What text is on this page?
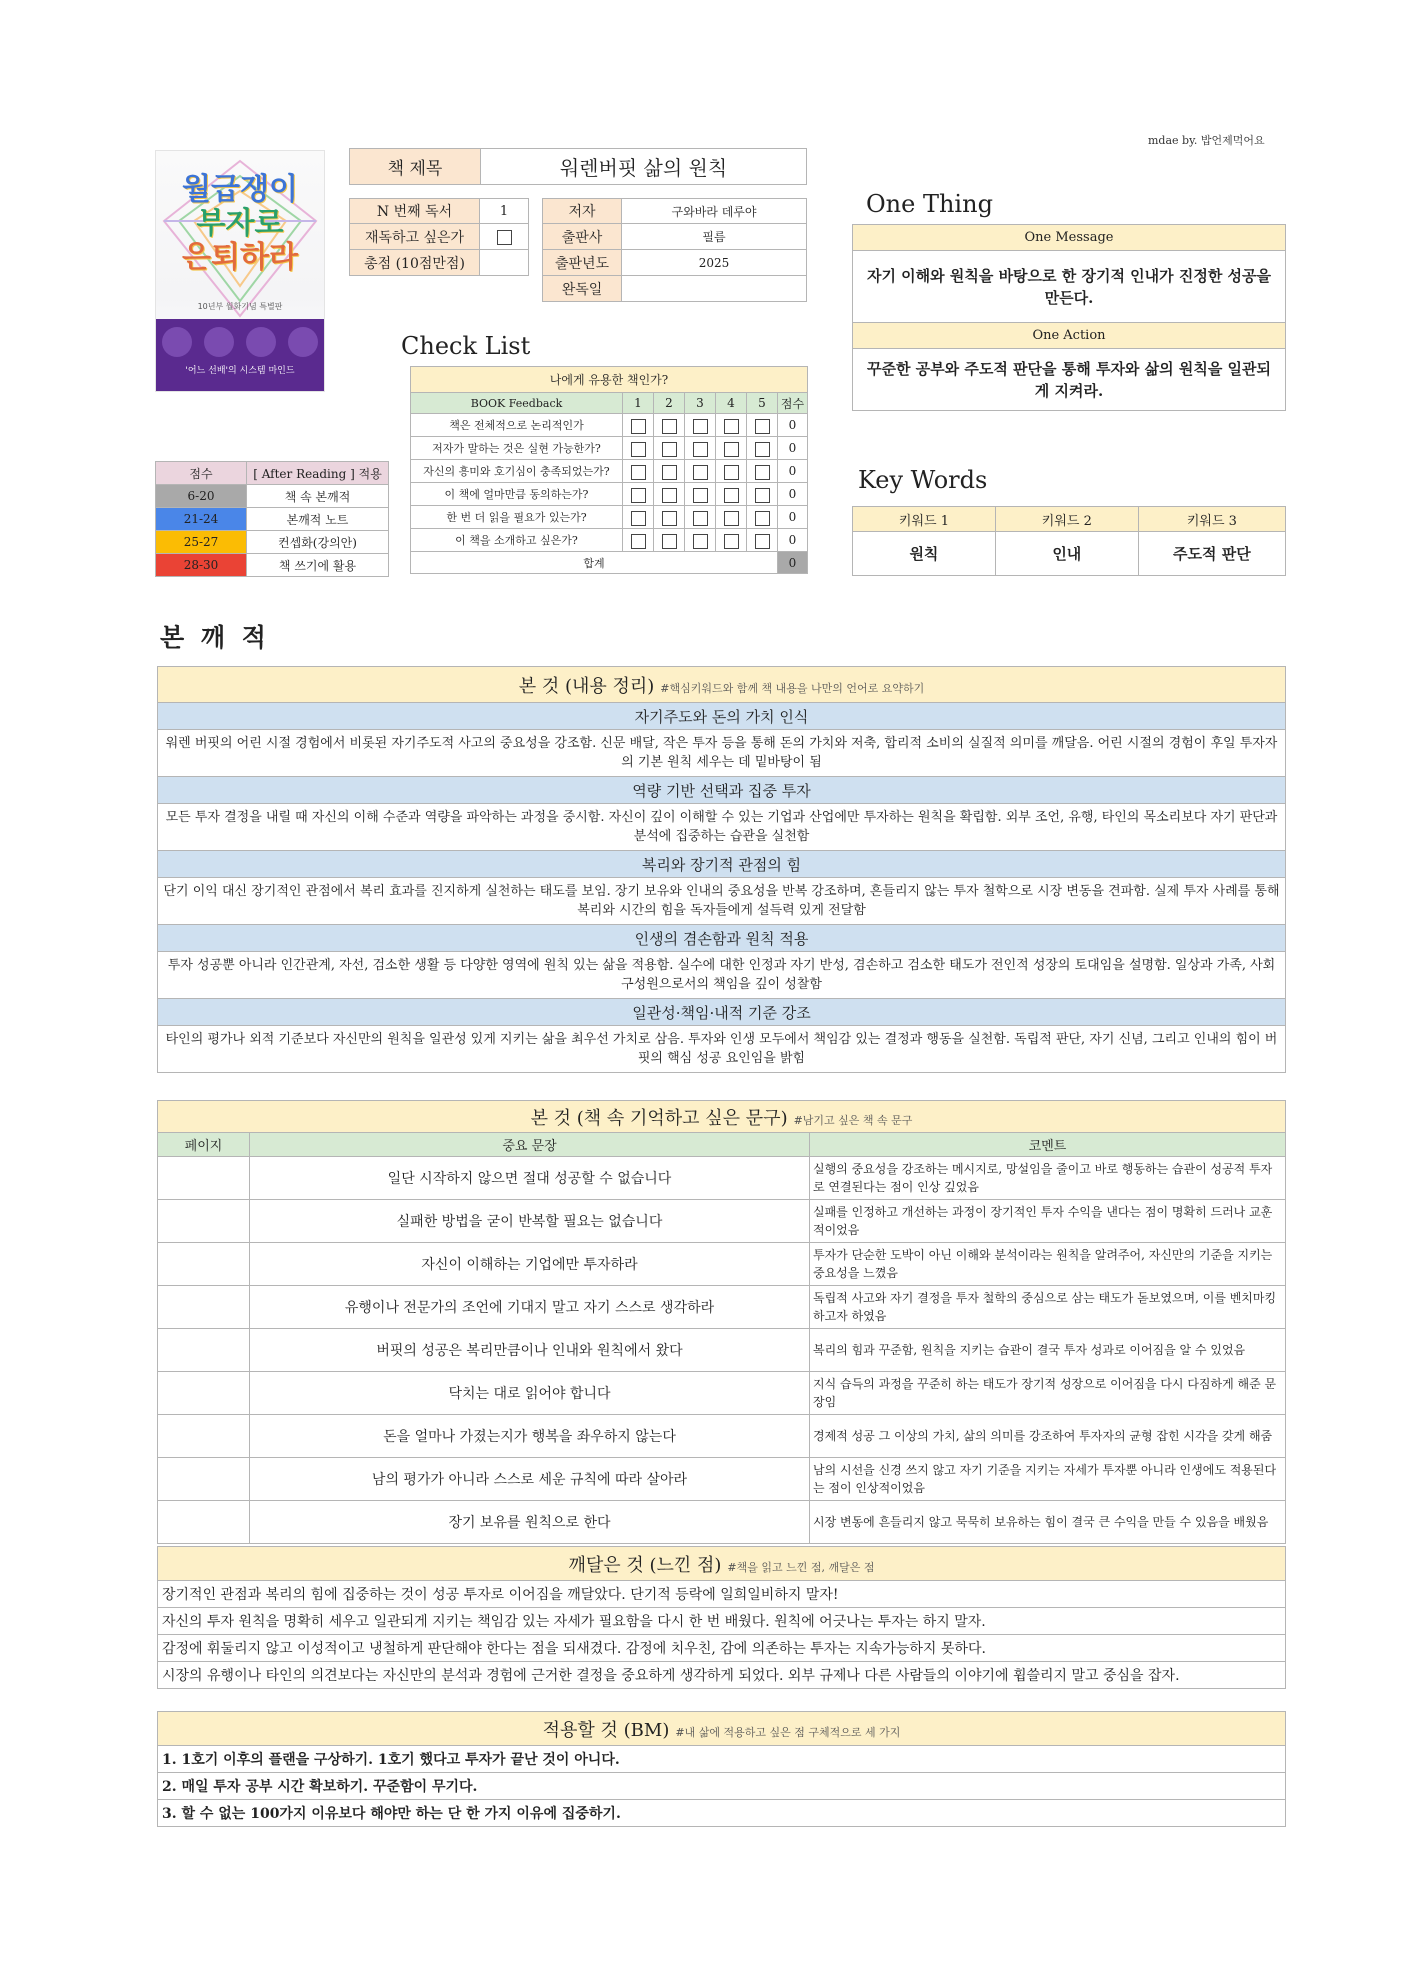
mdae by. 밥언제먹어요
월급쟁이
부자로
은퇴하라
10년부 월화기념 특별판
'어느 선배'의 시스템 마인드
책 제목	워렌버핏 삶의 원칙
N 번째 독서	1
재독하고 싶은가	
총점 (10점만점)	
저자	구와바라 데루야
출판사	필름
출판년도	2025
완독일	
One Thing
One Message
자기 이해와 원칙을 바탕으로 한 장기적 인내가 진정한 성공을 만든다.
One Action
꾸준한 공부와 주도적 판단을 통해 투자와 삶의 원칙을 일관되게 지켜라.
Check List
나에게 유용한 책인가?						
BOOK Feedback	1	2	3	4	5	점수
책은 전체적으로 논리적인가						0
저자가 말하는 것은 실현 가능한가?						0
자신의 흥미와 호기심이 충족되었는가?						0
이 책에 얼마만큼 동의하는가?						0
한 번 더 읽을 필요가 있는가?						0
이 책을 소개하고 싶은가?						0
합계						0
점수	[ After Reading ] 적용
6-20	책 속 본깨적
21-24	본깨적 노트
25-27	컨셉화(강의안)
28-30	책 쓰기에 활용
Key Words
키워드 1	키워드 2	키워드 3
원칙	인내	주도적 판단
본 깨 적
본 것 (내용 정리) #핵심키워드와 함께 책 내용을 나만의 언어로 요약하기
자기주도와 돈의 가치 인식
워렌 버핏의 어린 시절 경험에서 비롯된 자기주도적 사고의 중요성을 강조함. 신문 배달, 작은 투자 등을 통해 돈의 가치와 저축, 합리적 소비의 실질적 의미를 깨달음. 어린 시절의 경험이 후일 투자자의 기본 원칙 세우는 데 밑바탕이 됨
역량 기반 선택과 집중 투자
모든 투자 결정을 내릴 때 자신의 이해 수준과 역량을 파악하는 과정을 중시함. 자신이 깊이 이해할 수 있는 기업과 산업에만 투자하는 원칙을 확립함. 외부 조언, 유행, 타인의 목소리보다 자기 판단과 분석에 집중하는 습관을 실천함
복리와 장기적 관점의 힘
단기 이익 대신 장기적인 관점에서 복리 효과를 진지하게 실천하는 태도를 보임. 장기 보유와 인내의 중요성을 반복 강조하며, 흔들리지 않는 투자 철학으로 시장 변동을 견파함. 실제 투자 사례를 통해 복리와 시간의 힘을 독자들에게 설득력 있게 전달함
인생의 겸손함과 원칙 적용
투자 성공뿐 아니라 인간관계, 자선, 검소한 생활 등 다양한 영역에 원칙 있는 삶을 적용함. 실수에 대한 인정과 자기 반성, 겸손하고 검소한 태도가 전인적 성장의 토대임을 설명함. 일상과 가족, 사회구성원으로서의 책임을 깊이 성찰함
일관성·책임·내적 기준 강조
타인의 평가나 외적 기준보다 자신만의 원칙을 일관성 있게 지키는 삶을 최우선 가치로 삼음. 투자와 인생 모두에서 책임감 있는 결정과 행동을 실천함. 독립적 판단, 자기 신념, 그리고 인내의 힘이 버핏의 핵심 성공 요인임을 밝힘
본 것 (책 속 기억하고 싶은 문구) #남기고 싶은 책 속 문구		
페이지	중요 문장	코멘트
	일단 시작하지 않으면 절대 성공할 수 없습니다	실행의 중요성을 강조하는 메시지로, 망설임을 줄이고 바로 행동하는 습관이 성공적 투자로 연결된다는 점이 인상 깊었음
	실패한 방법을 굳이 반복할 필요는 없습니다	실패를 인정하고 개선하는 과정이 장기적인 투자 수익을 낸다는 점이 명확히 드러나 교훈적이었음
	자신이 이해하는 기업에만 투자하라	투자가 단순한 도박이 아닌 이해와 분석이라는 원칙을 알려주어, 자신만의 기준을 지키는 중요성을 느꼈음
	유행이나 전문가의 조언에 기대지 말고 자기 스스로 생각하라	독립적 사고와 자기 결정을 투자 철학의 중심으로 삼는 태도가 돋보였으며, 이를 벤치마킹하고자 하였음
	버핏의 성공은 복리만큼이나 인내와 원칙에서 왔다	복리의 힘과 꾸준함, 원칙을 지키는 습관이 결국 투자 성과로 이어짐을 알 수 있었음
	닥치는 대로 읽어야 합니다	지식 습득의 과정을 꾸준히 하는 태도가 장기적 성장으로 이어짐을 다시 다짐하게 해준 문장임
	돈을 얼마나 가졌는지가 행복을 좌우하지 않는다	경제적 성공 그 이상의 가치, 삶의 의미를 강조하여 투자자의 균형 잡힌 시각을 갖게 해줌
	남의 평가가 아니라 스스로 세운 규칙에 따라 살아라	남의 시선을 신경 쓰지 않고 자기 기준을 지키는 자세가 투자뿐 아니라 인생에도 적용된다는 점이 인상적이었음
	장기 보유를 원칙으로 한다	시장 변동에 흔들리지 않고 묵묵히 보유하는 힘이 결국 큰 수익을 만들 수 있음을 배웠음
깨달은 것 (느낀 점) #책을 읽고 느낀 점, 깨달은 점
장기적인 관점과 복리의 힘에 집중하는 것이 성공 투자로 이어짐을 깨달았다. 단기적 등락에 일희일비하지 말자!
자신의 투자 원칙을 명확히 세우고 일관되게 지키는 책임감 있는 자세가 필요함을 다시 한 번 배웠다. 원칙에 어긋나는 투자는 하지 말자.
감정에 휘둘리지 않고 이성적이고 냉철하게 판단해야 한다는 점을 되새겼다. 감정에 치우친, 감에 의존하는 투자는 지속가능하지 못하다.
시장의 유행이나 타인의 의견보다는 자신만의 분석과 경험에 근거한 결정을 중요하게 생각하게 되었다. 외부 규제나 다른 사람들의 이야기에 휩쓸리지 말고 중심을 잡자.
적용할 것 (BM) #내 삶에 적용하고 싶은 점 구체적으로 세 가지
1. 1호기 이후의 플랜을 구상하기. 1호기 했다고 투자가 끝난 것이 아니다.
2. 매일 투자 공부 시간 확보하기. 꾸준함이 무기다.
3. 할 수 없는 100가지 이유보다 해야만 하는 단 한 가지 이유에 집중하기.
